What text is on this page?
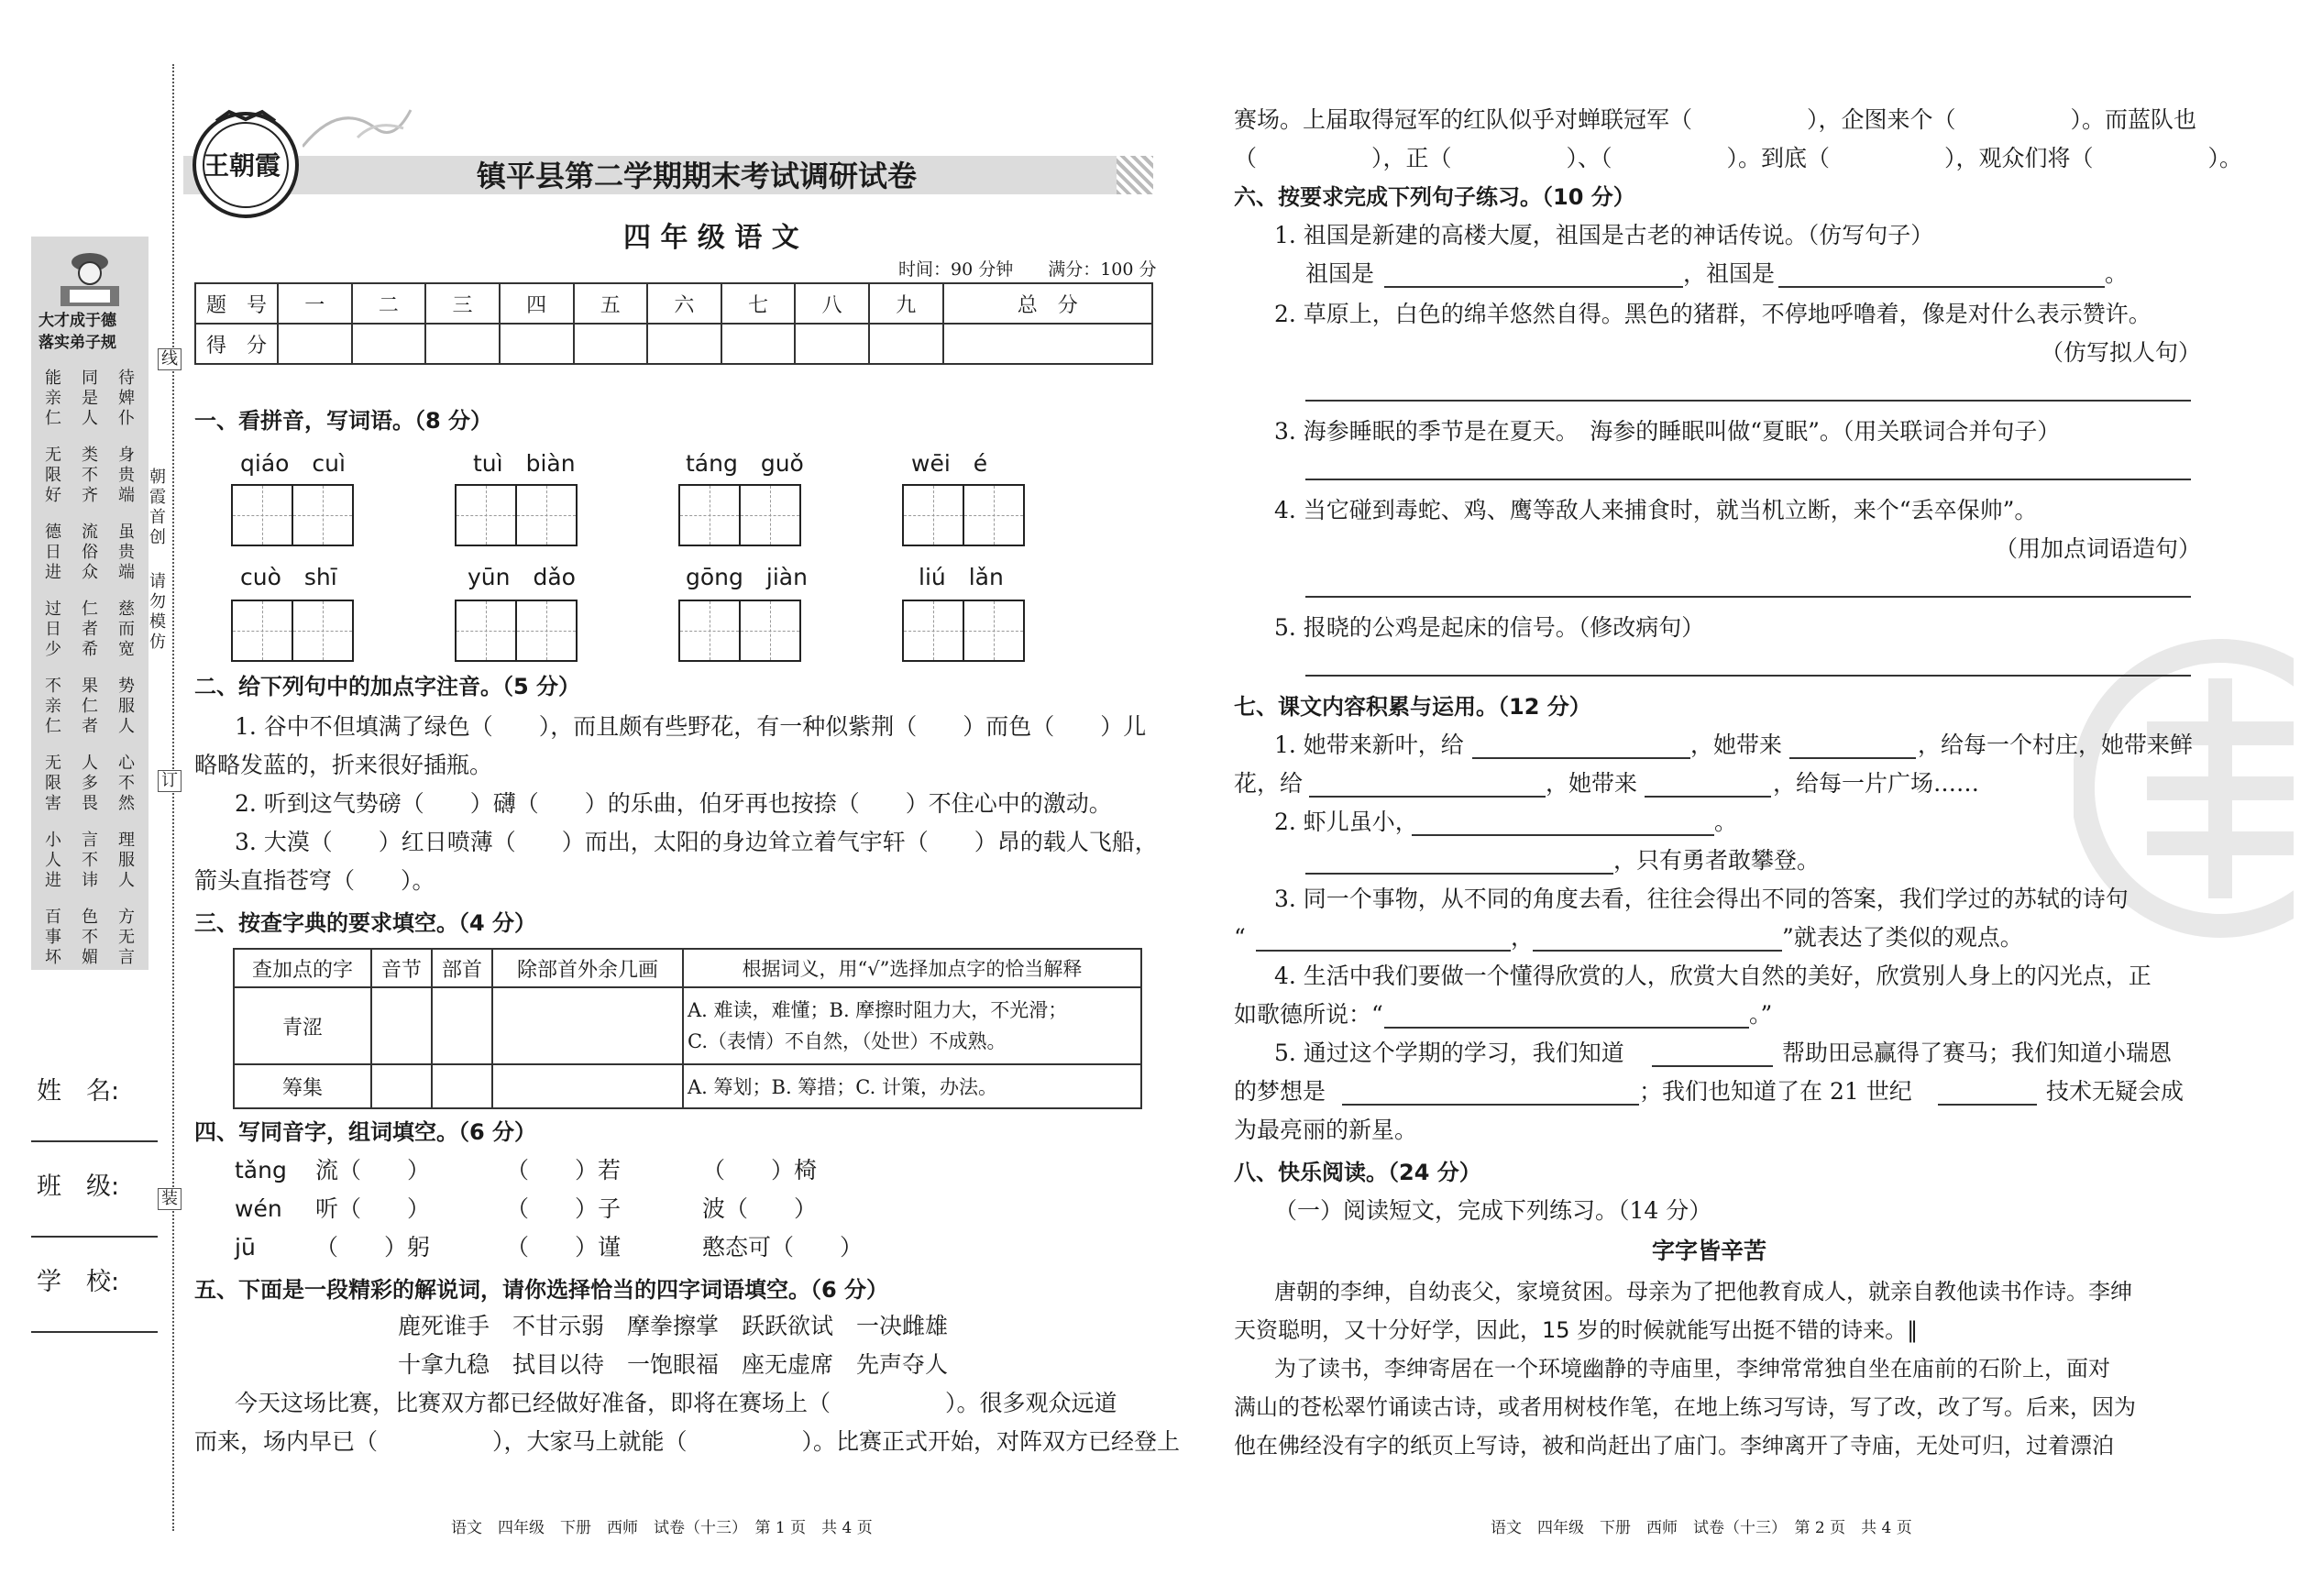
线
订
装
朝霞首创
请勿模仿
大才成于德
落实弟子规
能亲仁
无限好
德日进
过日少
不亲仁
无限害
小人进
百事坏
同是人
类不齐
流俗众
仁者希
果仁者
人多畏
言不讳
色不媚
待婢仆
身贵端
虽贵端
慈而宽
势服人
心不然
理服人
方无言
姓　名:
班　级:
学　校:
王朝霞	镇平县第二学期期末考试调研试卷
四 年 级 语 文
时间：90 分钟　　满分：100 分
题　号	一	二	三	四	五	六	七	八	九	总　分
得　分										
一、看拼音，写词语。（8 分）
qiáo　cuì	tuì　biàn	táng　guǒ	wēi　é
cuò　shī	yūn　dǎo	gōng　jiàn	liú　lǎn
二、给下列句中的加点字注音。（5 分）
1. 谷中不但填满了绿色（　　），而且颇有些野花，有一种似紫荆（　　）而色（　　）儿
略略发蓝的，折来很好插瓶。
2. 听到这气势磅（　　）礴（　　）的乐曲，伯牙再也按捺（　　）不住心中的激动。
3. 大漠（　　）红日喷薄（　　）而出，太阳的身边耸立着气宇轩（　　）昂的载人飞船，
箭头直指苍穹（　　）。
三、按查字典的要求填空。（4 分）
查加点的字	音节	部首	除部首外余几画	根据词义，用“√”选择加点字的恰当解释
青涩				A. 难读，难懂；B. 摩擦时阻力大，不光滑；
C.（表情）不自然，（处世）不成熟。

筹集				A. 筹划；B. 筹措；C. 计策，办法。
四、写同音字，组词填空。（6 分）
tǎng 流（　　）	（　　）若	（　　）椅
wén 听（　　）	（　　）子	波（　　）
jū	（　　）躬	（　　）谨	憨态可（　　）
五、下面是一段精彩的解说词，请你选择恰当的四字词语填空。（6 分）
鹿死谁手　不甘示弱　摩拳擦掌　跃跃欲试　一决雌雄
十拿九稳　拭目以待　一饱眼福　座无虚席　先声夺人
今天这场比赛，比赛双方都已经做好准备，即将在赛场上（　　　　　）。很多观众远道
而来，场内早已（　　　　　），大家马上就能（　　　　　）。比赛正式开始，对阵双方已经登上
语文　四年级　下册　西师　试卷（十三）　第 1 页　共 4 页
赛场。上届取得冠军的红队似乎对蝉联冠军（　　　　　），企图来个（　　　　　）。而蓝队也
（　　　　　），正（　　　　　）、（　　　　　）。到底（　　　　　），观众们将（　　　　　）。
六、按要求完成下列句子练习。（10 分）
1. 祖国是新建的高楼大厦，祖国是古老的神话传说。（仿写句子）
祖国是	，祖国是	。
2. 草原上，白色的绵羊悠然自得。黑色的猪群，不停地呼噜着，像是对什么表示赞许。
（仿写拟人句）
3. 海参睡眠的季节是在夏天。　海参的睡眠叫做“夏眠”。（用关联词合并句子）
4. 当它碰到毒蛇、鸡、鹰等敌人来捕食时，就当机立断，来个“丢卒保帅”。
（用加点词语造句）
5. 报晓的公鸡是起床的信号。（修改病句）
七、课文内容积累与运用。（12 分）
1. 她带来新叶，给	，她带来	，给每一个村庄，她带来鲜
花，给	，她带来	，给每一片广场……
2. 虾儿虽小，	。
，只有勇者敢攀登。
3. 同一个事物，从不同的角度去看，往往会得出不同的答案，我们学过的苏轼的诗句
“	，	”就表达了类似的观点。
4. 生活中我们要做一个懂得欣赏的人，欣赏大自然的美好，欣赏别人身上的闪光点，正
如歌德所说：“	。”
5. 通过这个学期的学习，我们知道	帮助田忌赢得了赛马；我们知道小瑞恩
的梦想是	；我们也知道了在 21 世纪	技术无疑会成
为最亮丽的新星。
八、快乐阅读。（24 分）
（一）阅读短文，完成下列练习。（14 分）
字字皆辛苦
唐朝的李绅，自幼丧父，家境贫困。母亲为了把他教育成人，就亲自教他读书作诗。李绅
天资聪明，又十分好学，因此，15 岁的时候就能写出挺不错的诗来。‖
为了读书，李绅寄居在一个环境幽静的寺庙里，李绅常常独自坐在庙前的石阶上，面对
满山的苍松翠竹诵读古诗，或者用树枝作笔，在地上练习写诗，写了改，改了写。后来，因为
他在佛经没有字的纸页上写诗，被和尚赶出了庙门。李绅离开了寺庙，无处可归，过着漂泊
语文　四年级　下册　西师　试卷（十三）　第 2 页　共 4 页
